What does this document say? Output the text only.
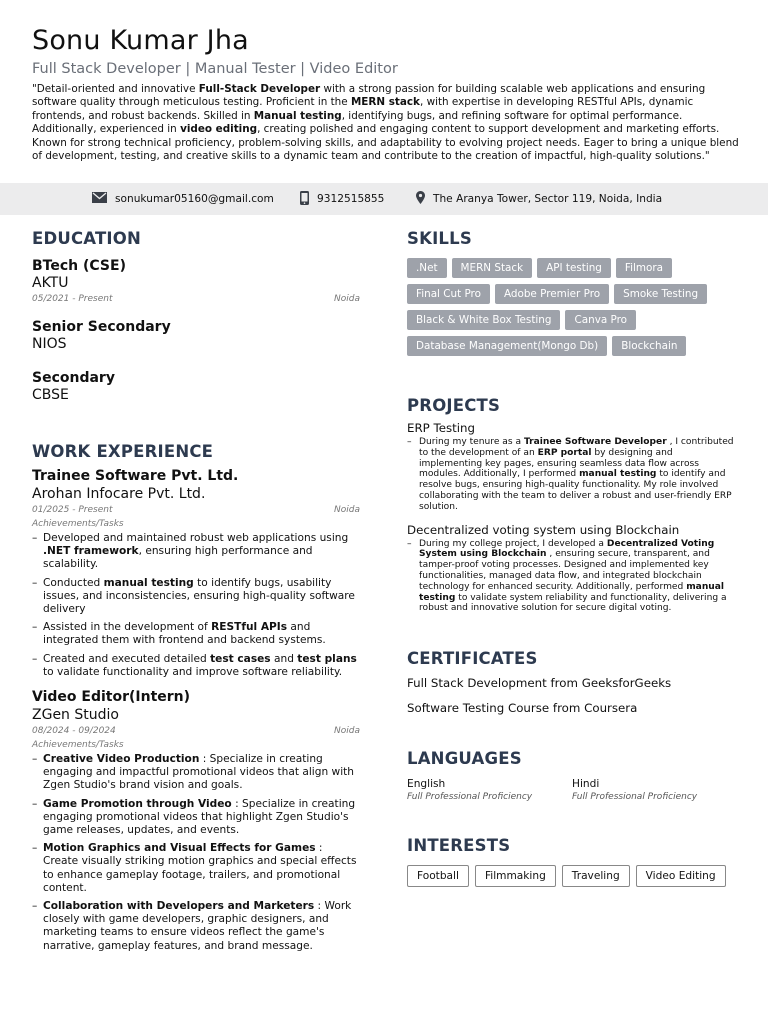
Sonu Kumar Jha
Full Stack Developer | Manual Tester | Video Editor
"Detail-oriented and innovative Full-Stack Developer with a strong passion for building scalable web applications and ensuring software quality through meticulous testing. Proficient in the MERN stack, with expertise in developing RESTful APIs, dynamic frontends, and robust backends. Skilled in Manual testing, identifying bugs, and refining software for optimal performance. Additionally, experienced in video editing, creating polished and engaging content to support development and marketing efforts. Known for strong technical proficiency, problem-solving skills, and adaptability to evolving project needs. Eager to bring a unique blend of development, testing, and creative skills to a dynamic team and contribute to the creation of impactful, high-quality solutions."
sonukumar05160@gmail.com	9312515855	The Aranya Tower, Sector 119, Noida, India
EDUCATION
BTech (CSE)
AKTU
05/2021 - Present	Noida
Senior Secondary
NIOS
Secondary
CBSE
WORK EXPERIENCE
Trainee Software Pvt. Ltd.
Arohan Infocare Pvt. Ltd.
01/2025 - Present	Noida
Achievements/Tasks
– Developed and maintained robust web applications using .NET framework, ensuring high performance and scalability.
– Conducted manual testing to identify bugs, usability issues, and inconsistencies, ensuring high-quality software delivery
– Assisted in the development of RESTful APIs and integrated them with frontend and backend systems.
– Created and executed detailed test cases and test plans to validate functionality and improve software reliability.
Video Editor(Intern)
ZGen Studio
08/2024 - 09/2024	Noida
Achievements/Tasks
– Creative Video Production : Specialize in creating engaging and impactful promotional videos that align with Zgen Studio's brand vision and goals.
– Game Promotion through Video : Specialize in creating engaging promotional videos that highlight Zgen Studio's game releases, updates, and events.
– Motion Graphics and Visual Effects for Games : Create visually striking motion graphics and special effects to enhance gameplay footage, trailers, and promotional content.
– Collaboration with Developers and Marketers : Work closely with game developers, graphic designers, and marketing teams to ensure videos reflect the game's narrative, gameplay features, and brand message.
SKILLS
.Net	MERN Stack	API testing	Filmora
Final Cut Pro	Adobe Premier Pro	Smoke Testing
Black & White Box Testing	Canva Pro
Database Management(Mongo Db)	Blockchain
PROJECTS
ERP Testing
– During my tenure as a Trainee Software Developer , I contributed to the development of an ERP portal by designing and implementing key pages, ensuring seamless data flow across modules. Additionally, I performed manual testing to identify and resolve bugs, ensuring high-quality functionality. My role involved collaborating with the team to deliver a robust and user-friendly ERP solution.
Decentralized voting system using Blockchain
– During my college project, I developed a Decentralized Voting System using Blockchain , ensuring secure, transparent, and tamper-proof voting processes. Designed and implemented key functionalities, managed data flow, and integrated blockchain technology for enhanced security. Additionally, performed manual testing to validate system reliability and functionality, delivering a robust and innovative solution for secure digital voting.
CERTIFICATES
Full Stack Development from GeeksforGeeks
Software Testing Course from Coursera
LANGUAGES
English
Full Professional Proficiency
Hindi
Full Professional Proficiency
INTERESTS
Football	Filmmaking	Traveling	Video Editing
